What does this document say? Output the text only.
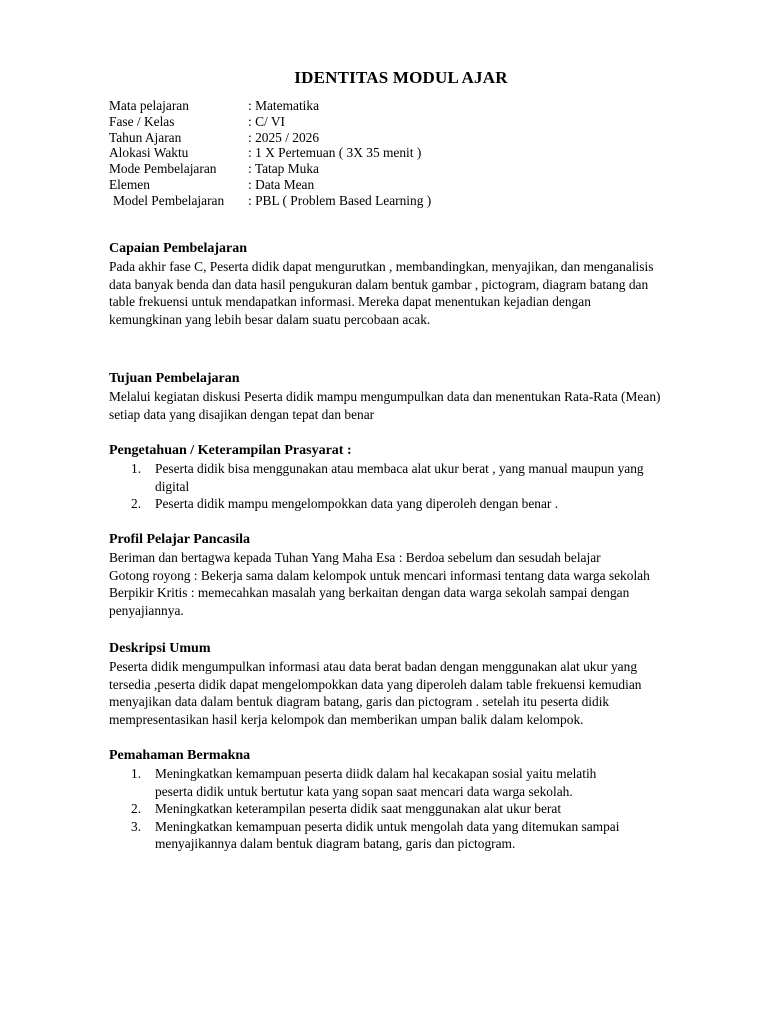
IDENTITAS MODUL AJAR
Mata pelajaran	: Matematika
Fase / Kelas	: C/ VI
Tahun Ajaran	: 2025 / 2026
Alokasi Waktu	: 1 X Pertemuan ( 3X 35 menit )
Mode Pembelajaran : Tatap Muka
Elemen	: Data Mean
Model Pembelajaran : PBL ( Problem Based Learning )
Capaian Pembelajaran
Pada akhir fase C, Peserta didik dapat mengurutkan , membandingkan, menyajikan, dan menganalisis
data banyak benda dan data hasil pengukuran dalam bentuk gambar , pictogram, diagram batang dan
table frekuensi untuk mendapatkan informasi. Mereka dapat menentukan kejadian dengan
kemungkinan yang lebih besar dalam suatu percobaan acak.
Tujuan Pembelajaran
Melalui kegiatan diskusi Peserta didik mampu mengumpulkan data dan menentukan Rata-Rata (Mean)
setiap data yang disajikan dengan tepat dan benar
Pengetahuan / Keterampilan Prasyarat :
1. Peserta didik bisa menggunakan atau membaca alat ukur berat , yang manual maupun yang
digital
2. Peserta didik mampu mengelompokkan data yang diperoleh dengan benar .
Profil Pelajar Pancasila
Beriman dan bertagwa kepada Tuhan Yang Maha Esa : Berdoa sebelum dan sesudah belajar
Gotong royong : Bekerja sama dalam kelompok untuk mencari informasi tentang data warga sekolah
Berpikir Kritis : memecahkan masalah yang berkaitan dengan data warga sekolah sampai dengan
penyajiannya.
Deskripsi Umum
Peserta didik mengumpulkan informasi atau data berat badan dengan menggunakan alat ukur yang
tersedia ,peserta didik dapat mengelompokkan data yang diperoleh dalam table frekuensi kemudian
menyajikan data dalam bentuk diagram batang, garis dan pictogram . setelah itu peserta didik
mempresentasikan hasil kerja kelompok dan memberikan umpan balik dalam kelompok.
Pemahaman Bermakna
1. Meningkatkan kemampuan peserta diidk dalam hal kecakapan sosial yaitu melatih
peserta didik untuk bertutur kata yang sopan saat mencari data warga sekolah.
2. Meningkatkan keterampilan peserta didik saat menggunakan alat ukur berat
3. Meningkatkan kemampuan peserta didik untuk mengolah data yang ditemukan sampai
menyajikannya dalam bentuk diagram batang, garis dan pictogram.
